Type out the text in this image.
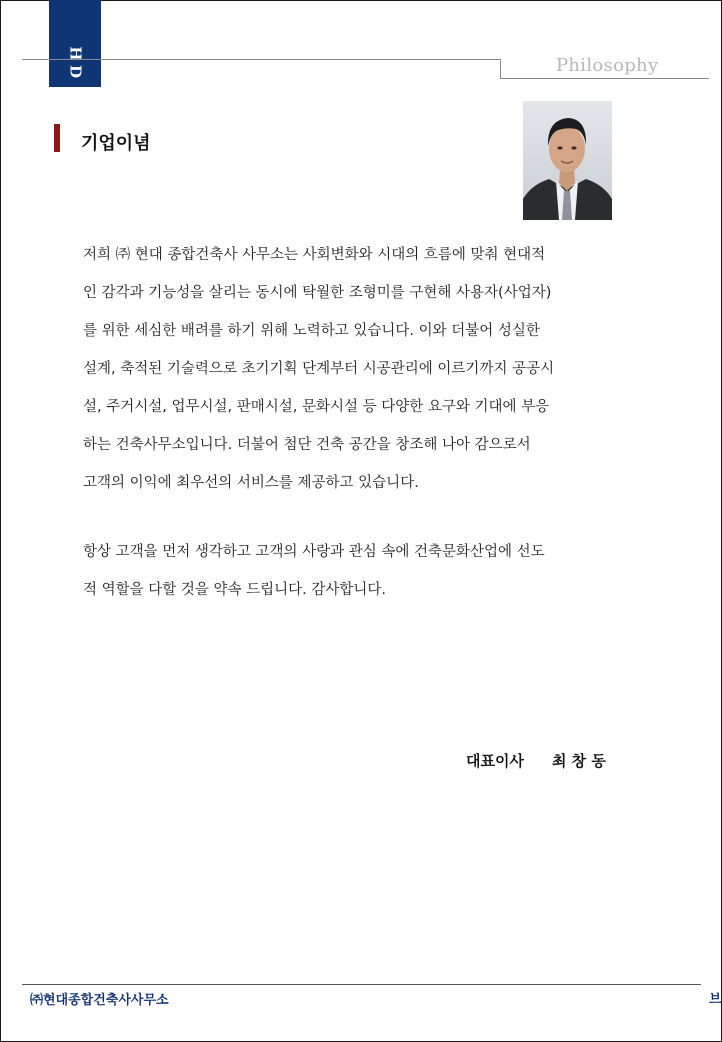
H
D	Philosophy
기업이념
저희 ㈜ 현대 종합건축사 사무소는 사회변화와 시대의 흐름에 맞춰 현대적
인 감각과 기능성을 살리는 동시에 탁월한 조형미를 구현해 사용자(사업자)
를 위한 세심한 배려를 하기 위해 노력하고 있습니다. 이와 더불어 성실한
설계, 축적된 기술력으로 초기기획 단계부터 시공관리에 이르기까지 공공시
설, 주거시설, 업무시설, 판매시설, 문화시설 등 다양한 요구와 기대에 부응
하는 건축사무소입니다. 더불어 첨단 건축 공간을 창조해 나아 감으로서
고객의 이익에 최우선의 서비스를 제공하고 있습니다.
항상 고객을 먼저 생각하고 고객의 사랑과 관심 속에 건축문화산업에 선도
적 역할을 다할 것을 약속 드립니다. 감사합니다.
대표이사 최 창 동
㈜현대종합건축사사무소	브
